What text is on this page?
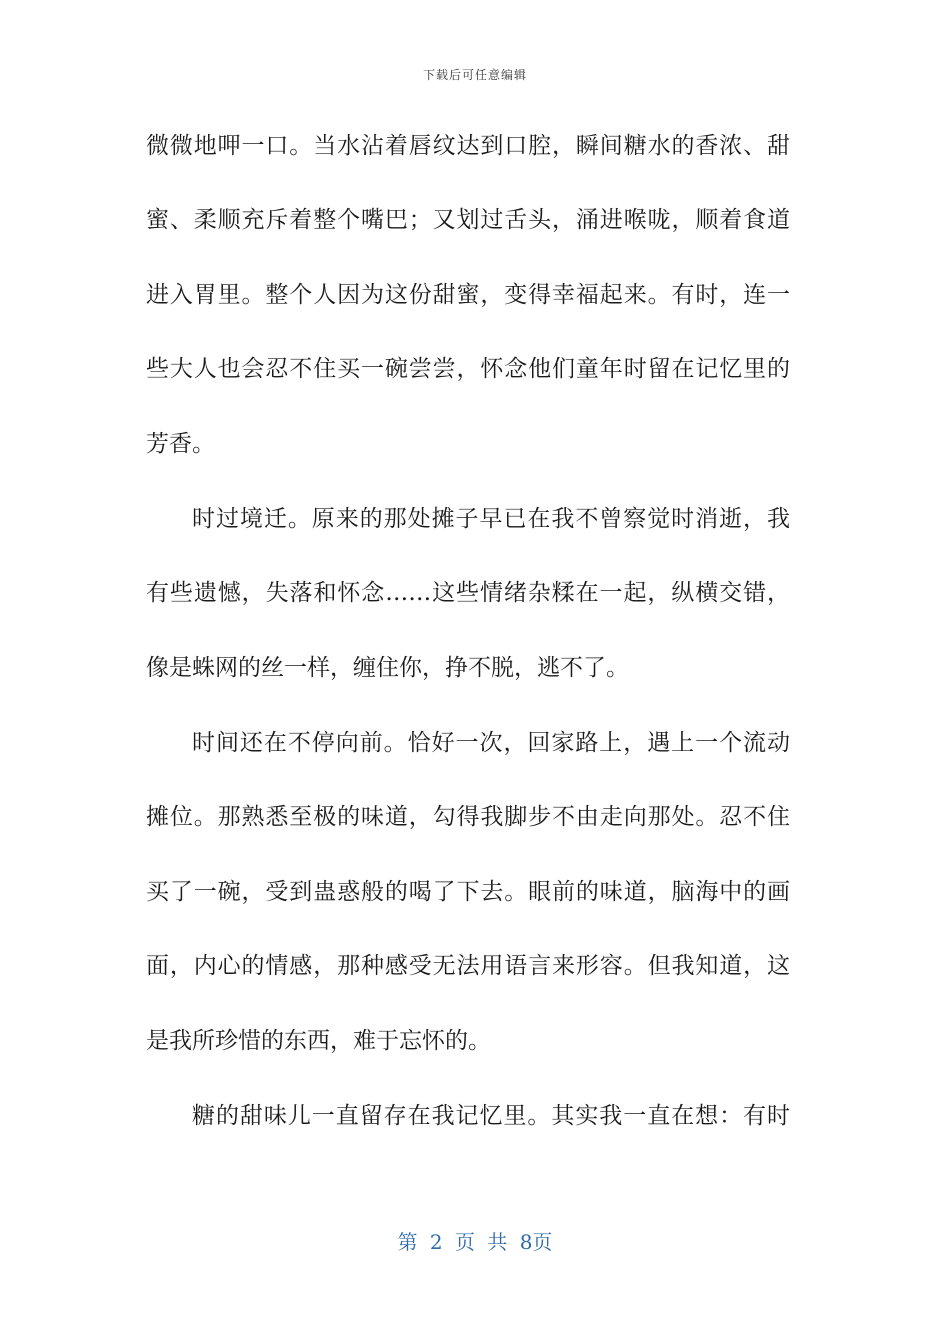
下载后可任意编辑
微微地呷一口。当水沾着唇纹达到口腔，瞬间糖水的香浓、甜
蜜、柔顺充斥着整个嘴巴；又划过舌头，涌进喉咙，顺着食道
进入胃里。整个人因为这份甜蜜，变得幸福起来。有时，连一
些大人也会忍不住买一碗尝尝，怀念他们童年时留在记忆里的
芳香。
时过境迁。原来的那处摊子早已在我不曾察觉时消逝，我
有些遗憾，失落和怀念……这些情绪杂糅在一起，纵横交错，
像是蛛网的丝一样，缠住你，挣不脱，逃不了。
时间还在不停向前。恰好一次，回家路上，遇上一个流动
摊位。那熟悉至极的味道，勾得我脚步不由走向那处。忍不住
买了一碗，受到蛊惑般的喝了下去。眼前的味道，脑海中的画
面，内心的情感，那种感受无法用语言来形容。但我知道，这
是我所珍惜的东西，难于忘怀的。
糖的甜味儿一直留存在我记忆里。其实我一直在想：有时
第 2 页 共 8页
